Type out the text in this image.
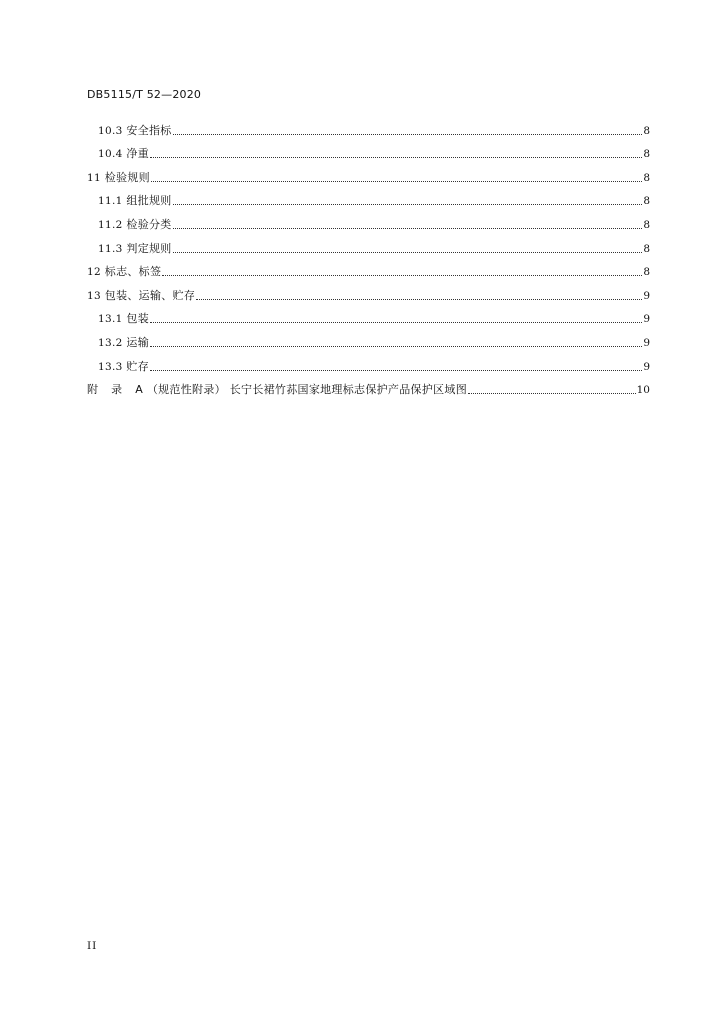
DB5115/T 52—2020
10.3 安全指标	8
10.4 净重	8
11 检验规则	8
11.1 组批规则	8
11.2 检验分类	8
11.3 判定规则	8
12 标志、标签	8
13 包装、运输、贮存	9
13.1 包装	9
13.2 运输	9
13.3 贮存	9
附 录 A （规范性附录） 长宁长裙竹荪国家地理标志保护产品保护区域图	10
II
